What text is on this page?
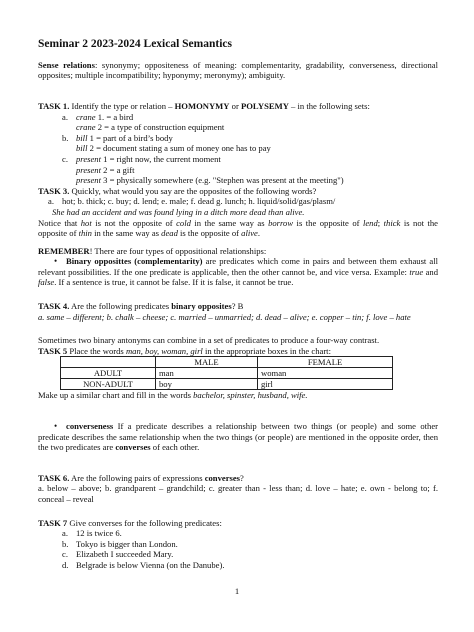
Seminar 2 2023-2024 Lexical Semantics

Sense relations: synonymy; oppositeness of meaning: complementarity, gradability, converseness, directional opposites; multiple incompatibility; hyponymy; meronymy); ambiguity.

TASK 1. Identify the type or relation – HOMONYMY or POLYSEMY – in the following sets:

a. crane 1. = a bird
crane 2 = a type of construction equipment
b. bill 1 = part of a bird’s body
bill 2 = document stating a sum of money one has to pay
c. present 1 = right now, the current moment
present 2 = a gift
present 3 = physically somewhere (e.g. "Stephen was present at the meeting")

TASK 3. Quickly, what would you say are the opposites of the following words?

a. hot; b. thick; c. buy; d. lend; e. male; f. dead g. lunch; h. liquid/solid/gas/plasm/

She had an accident and was found lying in a ditch more dead than alive.

Notice that hot is not the opposite of cold in the same way as borrow is the opposite of lend; thick is not the opposite of thin in the same way as dead is the opposite of alive.

REMEMBER! There are four types of oppositional relationships:

• Binary opposittes (complementarity) are predicates which come in pairs and between them exhaust all relevant possibilities. If the one predicate is applicable, then the other cannot be, and vice versa. Example: true and false. If a sentence is true, it cannot be false. If it is false, it cannot be true.

TASK 4. Are the following predicates binary opposites? B

a. same – different; b. chalk – cheese; c. married – unmarried; d. dead – alive; e. copper – tin; f. love – hate

Sometimes two binary antonyms can combine in a set of predicates to produce a four-way contrast.

TASK 5 Place the words man, boy, woman, girl in the appropriate boxes in the chart:

	MALE	FEMALE
ADULT	man	woman
NON-ADULT	boy	girl

Make up a similar chart and fill in the words bachelor, spinster, husband, wife.

• converseness If a predicate describes a relationship between two things (or people) and some other predicate describes the same relationship when the two things (or people) are mentioned in the opposite order, then the two predicates are converses of each other.

TASK 6. Are the following pairs of expressions converses?

a. below – above; b. grandparent – grandchild; c. greater than - less than; d. love – hate; e. own - belong to; f. conceal – reveal

TASK 7 Give converses for the following predicates:

a. 12 is twice 6.
b. Tokyo is bigger than London.
c. Elizabeth I succeeded Mary.
d. Belgrade is below Vienna (on the Danube).
1
